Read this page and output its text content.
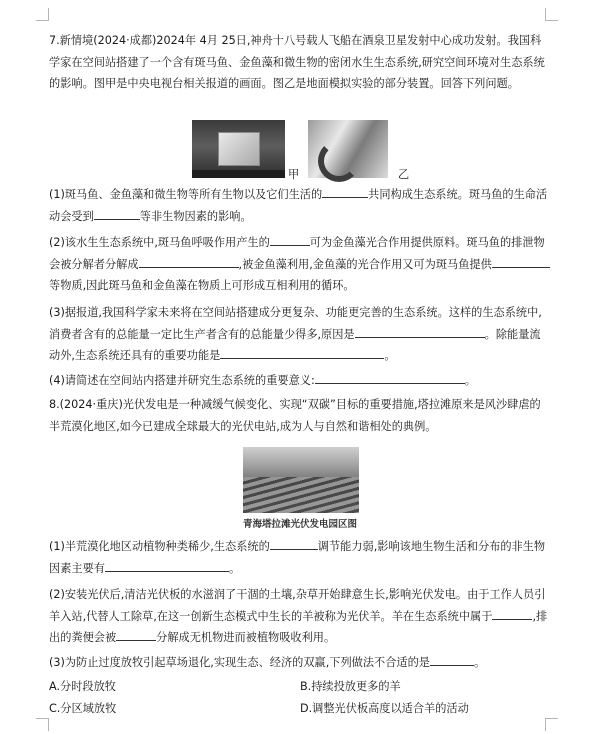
7.新情境(2024·成都)2024年 4月 25日,神舟十八号载人飞船在酒泉卫星发射中心成功发射。我国科学家在空间站搭建了一个含有斑马鱼、金鱼藻和微生物的密闭水生生态系统,研究空间环境对生态系统的影响。图甲是中央电视台相关报道的画面。图乙是地面模拟实验的部分装置。回答下列问题。

甲	乙

(1)斑马鱼、金鱼藻和微生物等所有生物以及它们生活的	共同构成生态系统。斑马鱼的生命活动会受到	等非生物因素的影响。

(2)该水生生态系统中,斑马鱼呼吸作用产生的	可为金鱼藻光合作用提供原料。斑马鱼的排泄物会被分解者分解成	,被金鱼藻利用,金鱼藻的光合作用又可为斑马鱼提供等物质,因此斑马鱼和金鱼藻在物质上可形成互相利用的循环。

(3)据报道,我国科学家未来将在空间站搭建成分更复杂、功能更完善的生态系统。这样的生态系统中,消费者含有的总能量一定比生产者含有的总能量少得多,原因是	。除能量流动外,生态系统还具有的重要功能是	。

(4)请简述在空间站内搭建并研究生态系统的重要意义:	。

8.(2024·重庆)光伏发电是一种减缓气候变化、实现“双碳”目标的重要措施,塔拉滩原来是风沙肆虐的半荒漠化地区,如今已建成全球最大的光伏电站,成为人与自然和谐相处的典例。

青海塔拉滩光伏发电园区图

(1)半荒漠化地区动植物种类稀少,生态系统的	调节能力弱,影响该地生物生活和分布的非生物因素主要有	。

(2)安装光伏后,清洁光伏板的水滋润了干涸的土壤,杂草开始肆意生长,影响光伏发电。由于工作人员引羊入站,代替人工除草,在这一创新生态模式中生长的羊被称为光伏羊。羊在生态系统中属于	,排出的粪便会被	分解成无机物进而被植物吸收利用。

(3)为防止过度放牧引起草场退化,实现生态、经济的双赢,下列做法不合适的是	。

A.分时段放牧	B.持续投放更多的羊
C.分区域放牧	D.调整光伏板高度以适合羊的活动
